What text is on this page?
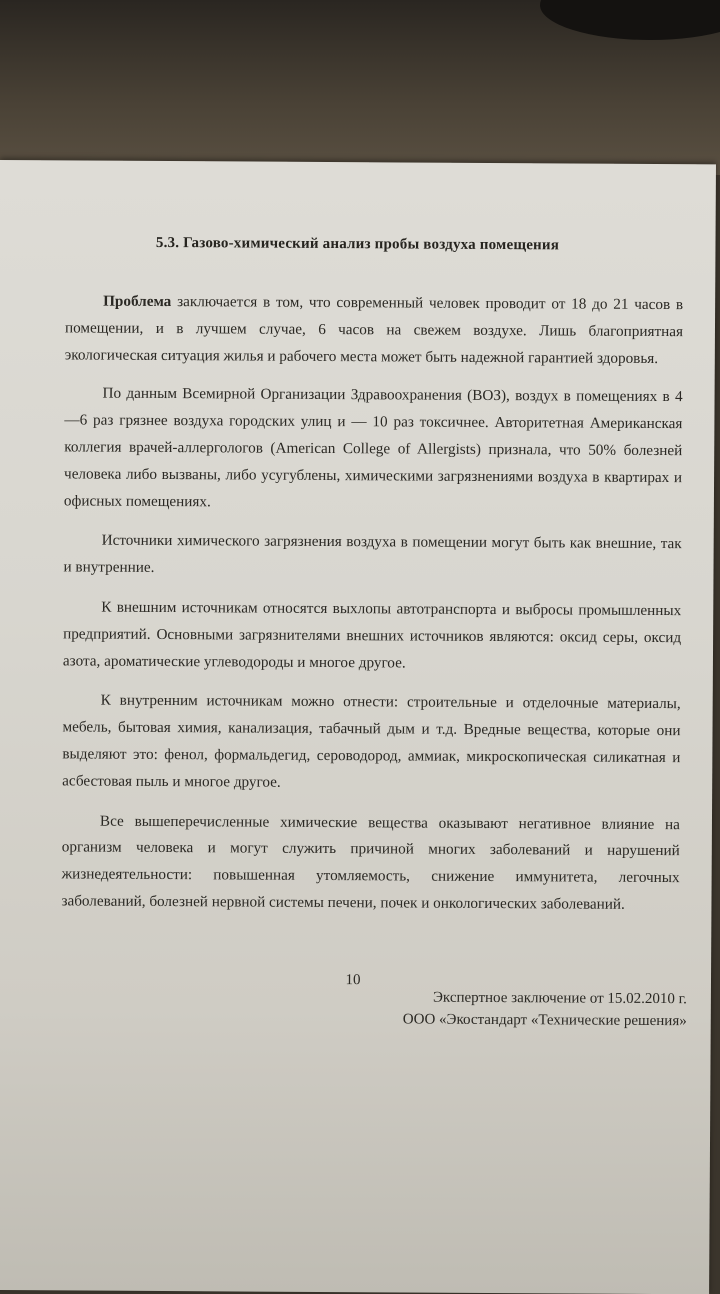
5.3. Газово-химический анализ пробы воздуха помещения

Проблема заключается в том, что современный человек проводит от 18 до 21 часов в помещении, и в лучшем случае, 6 часов на свежем воздухе. Лишь благоприятная экологическая ситуация жилья и рабочего места может быть надежной гарантией здоровья.

По данным Всемирной Организации Здравоохранения (ВОЗ), воздух в помещениях в 4—6 раз грязнее воздуха городских улиц и — 10 раз токсичнее. Авторитетная Американская коллегия врачей-аллергологов (American College of Allergists) признала, что 50% болезней человека либо вызваны, либо усугублены, химическими загрязнениями воздуха в квартирах и офисных помещениях.

Источники химического загрязнения воздуха в помещении могут быть как внешние, так и внутренние.

К внешним источникам относятся выхлопы автотранспорта и выбросы промышленных предприятий. Основными загрязнителями внешних источников являются: оксид серы, оксид азота, ароматические углеводороды и многое другое.

К внутренним источникам можно отнести: строительные и отделочные материалы, мебель, бытовая химия, канализация, табачный дым и т.д. Вредные вещества, которые они выделяют это: фенол, формальдегид, сероводород, аммиак, микроскопическая силикатная и асбестовая пыль и многое другое.

Все вышеперечисленные химические вещества оказывают негативное влияние на организм человека и могут служить причиной многих заболеваний и нарушений жизнедеятельности: повышенная утомляемость, снижение иммунитета, легочных заболеваний, болезней нервной системы печени, почек и онкологических заболеваний.

10
Экспертное заключение от 15.02.2010 г.
ООО «Экостандарт «Технические решения»
